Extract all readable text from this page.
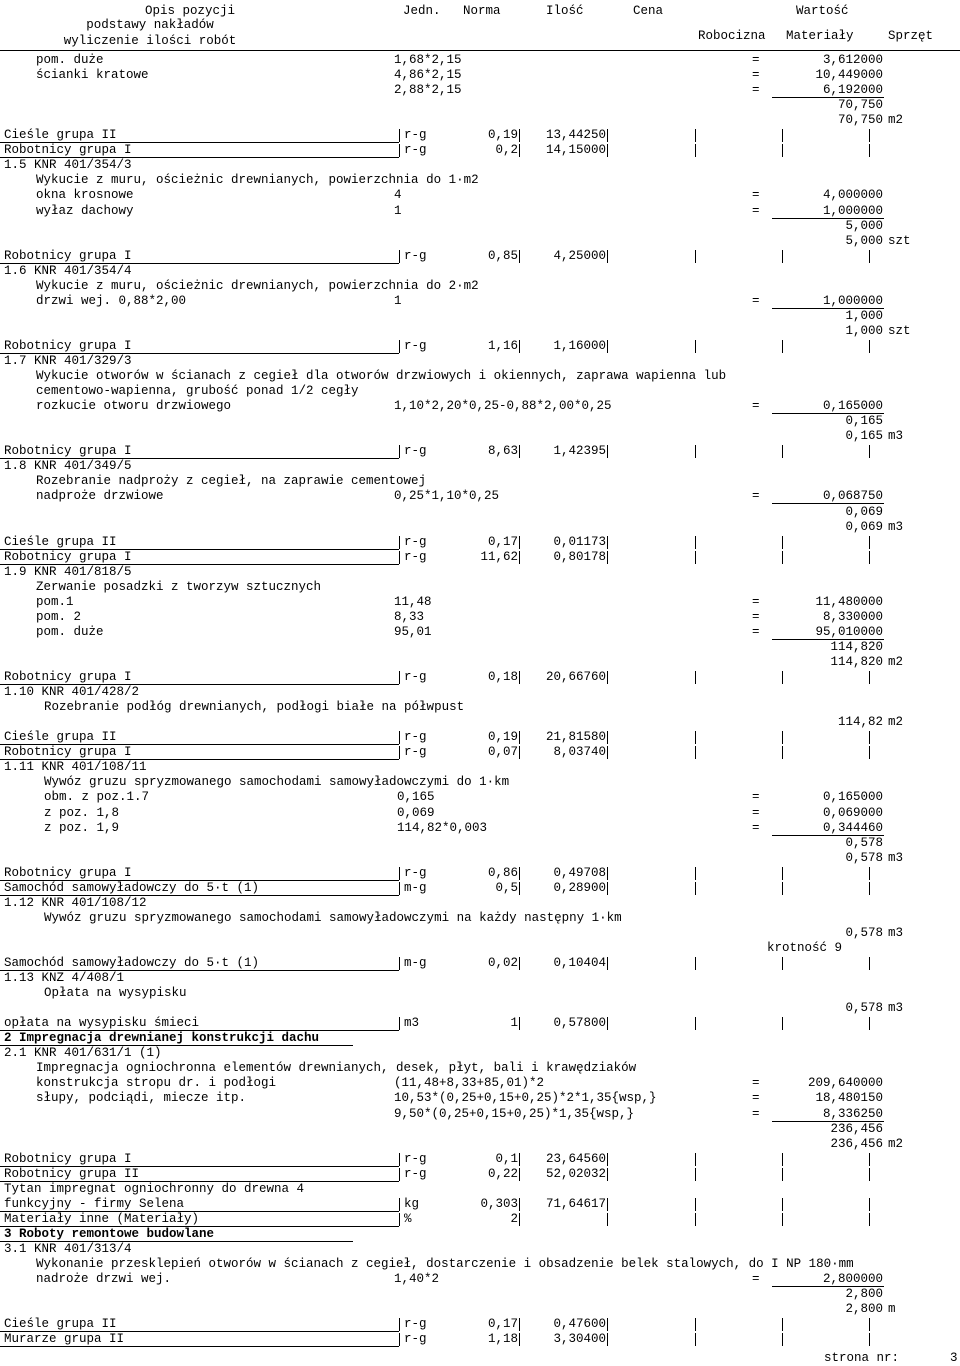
Opis pozycji
podstawy nakładów
wyliczenie ilości robót
Jedn. Norma	Ilość	Cena	Wartość
Robocizna Materiały	Sprzęt
pom. duże	1,68*2,15	=	3,612000
ścianki kratowe	4,86*2,15	=	10,449000
2,88*2,15	=	6,192000
70,750
70,750 m2
Cieśle grupa II	r-g	0,19	13,44250
Robotnicy grupa I	r-g	0,2	14,15000
1.5 KNR 401/354/3
Wykucie z muru, ościeżnic drewnianych, powierzchnia do 1·m2
okna krosnowe	4	=	4,000000
wyłaz dachowy	1	=	1,000000
5,000
5,000 szt
Robotnicy grupa I	r-g	0,85	4,25000
1.6 KNR 401/354/4
Wykucie z muru, ościeżnic drewnianych, powierzchnia do 2·m2
drzwi wej. 0,88*2,00	1	=	1,000000
1,000
1,000 szt
Robotnicy grupa I	r-g	1,16	1,16000
1.7 KNR 401/329/3
Wykucie otworów w ścianach z cegieł dla otworów drzwiowych i okiennych, zaprawa wapienna lub
cementowo-wapienna, grubość ponad 1/2 cegły
rozkucie otworu drzwiowego	1,10*2,20*0,25-0,88*2,00*0,25	=	0,165000
0,165
0,165 m3
Robotnicy grupa I	r-g	8,63	1,42395
1.8 KNR 401/349/5
Rozebranie nadproży z cegieł, na zaprawie cementowej
nadproże drzwiowe	0,25*1,10*0,25	=	0,068750
0,069
0,069 m3
Cieśle grupa II	r-g	0,17	0,01173
Robotnicy grupa I	r-g	11,62	0,80178
1.9 KNR 401/818/5
Zerwanie posadzki z tworzyw sztucznych
pom.1	11,48	=	11,480000
pom. 2	8,33	=	8,330000
pom. duże	95,01	=	95,010000
114,820
114,820 m2
Robotnicy grupa I	r-g	0,18	20,66760
1.10 KNR 401/428/2
Rozebranie podłóg drewnianych, podłogi białe na półwpust
114,82 m2
Cieśle grupa II	r-g	0,19	21,81580
Robotnicy grupa I	r-g	0,07	8,03740
1.11 KNR 401/108/11
Wywóz gruzu spryzmowanego samochodami samowyładowczymi do 1·km
obm. z poz.1.7	0,165	=	0,165000
z poz. 1,8	0,069	=	0,069000
z poz. 1,9	114,82*0,003	=	0,344460
0,578
0,578 m3
Robotnicy grupa I	r-g	0,86	0,49708
Samochód samowyładowczy do 5·t (1)	m-g	0,5	0,28900
1.12 KNR 401/108/12
Wywóz gruzu spryzmowanego samochodami samowyładowczymi na każdy następny 1·km
0,578 m3
krotność 9
Samochód samowyładowczy do 5·t (1)	m-g	0,02	0,10404
1.13 KNZ 4/408/1
Opłata na wysypisku
0,578 m3
opłata na wysypisku śmieci	m3	1	0,57800
2 Impregnacja drewnianej konstrukcji dachu
2.1 KNR 401/631/1 (1)
Impregnacja ogniochronna elementów drewnianych, desek, płyt, bali i krawędziaków
konstrukcja stropu dr. i podłogi	(11,48+8,33+85,01)*2	=	209,640000
słupy, podciądi, miecze itp.	10,53*(0,25+0,15+0,25)*2*1,35{wsp,}	=	18,480150
9,50*(0,25+0,15+0,25)*1,35{wsp,}	=	8,336250
236,456
236,456 m2
Robotnicy grupa I	r-g	0,1	23,64560
Robotnicy grupa II	r-g	0,22	52,02032
Tytan impregnat ogniochronny do drewna 4
funkcyjny - firmy Selena	kg	0,303	71,64617
Materiały inne (Materiały)	%	2
3 Roboty remontowe budowlane
3.1 KNR 401/313/4
Wykonanie przesklepień otworów w ścianach z cegieł, dostarczenie i obsadzenie belek stalowych, do I NP 180·mm
nadroże drzwi wej.	1,40*2	=	2,800000
2,800
2,800 m
Cieśle grupa II	r-g	0,17	0,47600
Murarze grupa II	r-g	1,18	3,30400
strona nr:	3
